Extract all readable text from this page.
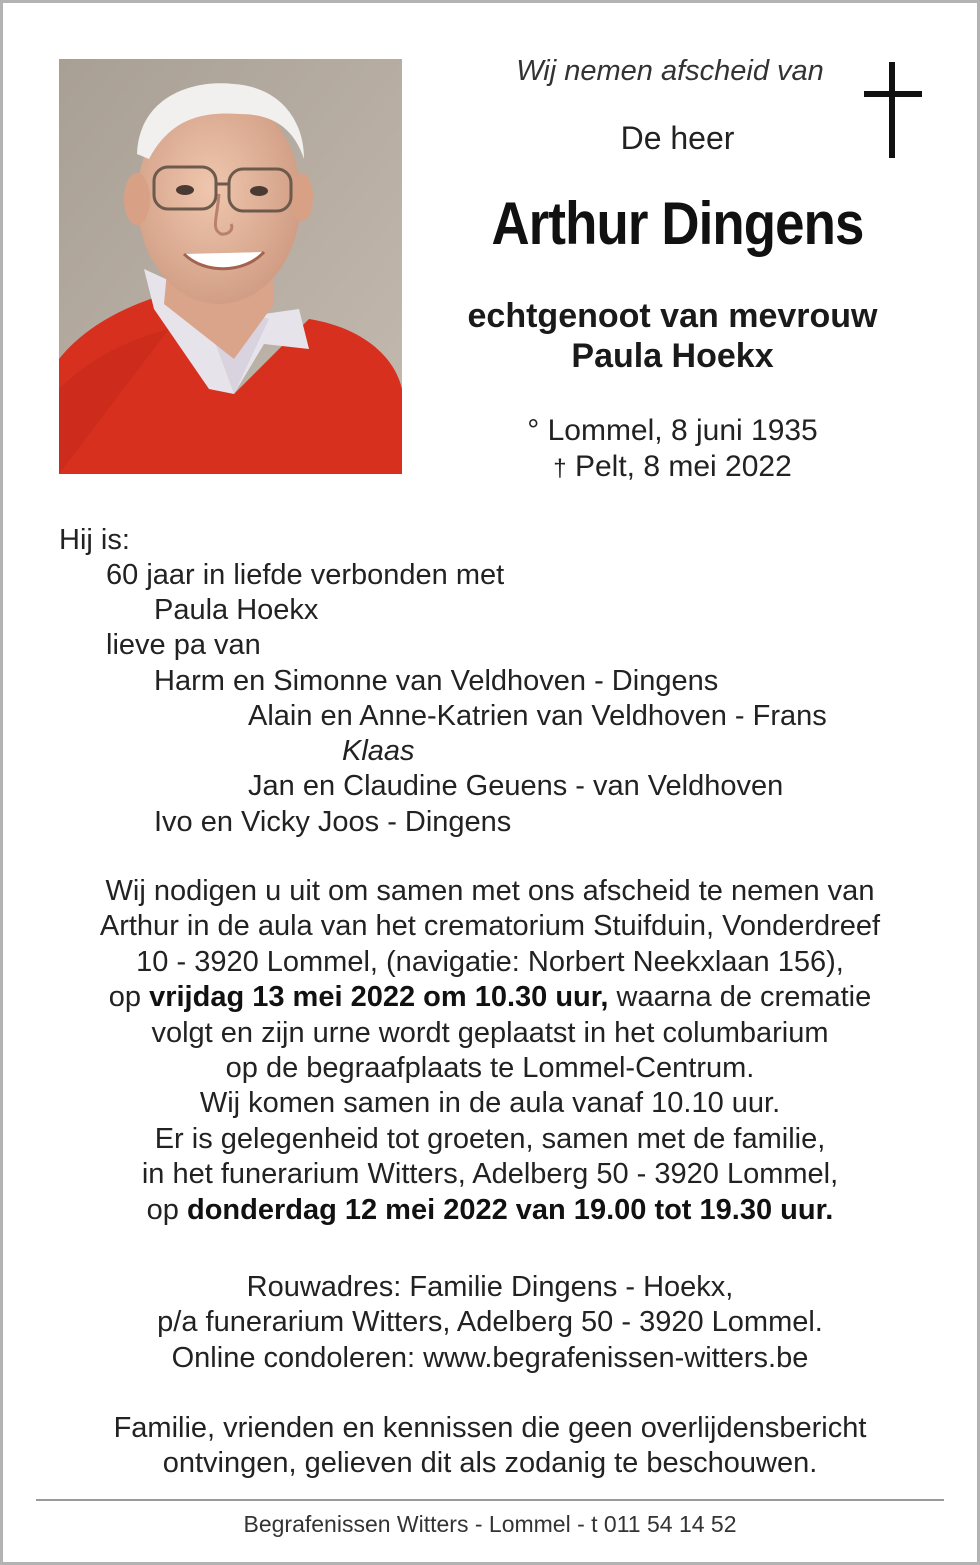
Wij nemen afscheid van
De heer
Arthur Dingens
echtgenoot van mevrouw
Paula Hoekx
° Lommel, 8 juni 1935
† Pelt, 8 mei 2022
Hij is:
60 jaar in liefde verbonden met
Paula Hoekx
lieve pa van
Harm en Simonne van Veldhoven - Dingens
Alain en Anne-Katrien van Veldhoven - Frans
Klaas
Jan en Claudine Geuens - van Veldhoven
Ivo en Vicky Joos - Dingens
Wij nodigen u uit om samen met ons afscheid te nemen van
Arthur in de aula van het crematorium Stuifduin, Vonderdreef
10 - 3920 Lommel, (navigatie: Norbert Neekxlaan 156),
op vrijdag 13 mei 2022 om 10.30 uur, waarna de crematie
volgt en zijn urne wordt geplaatst in het columbarium
op de begraafplaats te Lommel-Centrum.
Wij komen samen in de aula vanaf 10.10 uur.
Er is gelegenheid tot groeten, samen met de familie,
in het funerarium Witters, Adelberg 50 - 3920 Lommel,
op donderdag 12 mei 2022 van 19.00 tot 19.30 uur.
Rouwadres: Familie Dingens - Hoekx,
p/a funerarium Witters, Adelberg 50 - 3920 Lommel.
Online condoleren: www.begrafenissen-witters.be
Familie, vrienden en kennissen die geen overlijdensbericht
ontvingen, gelieven dit als zodanig te beschouwen.
Begrafenissen Witters - Lommel - t 011 54 14 52
